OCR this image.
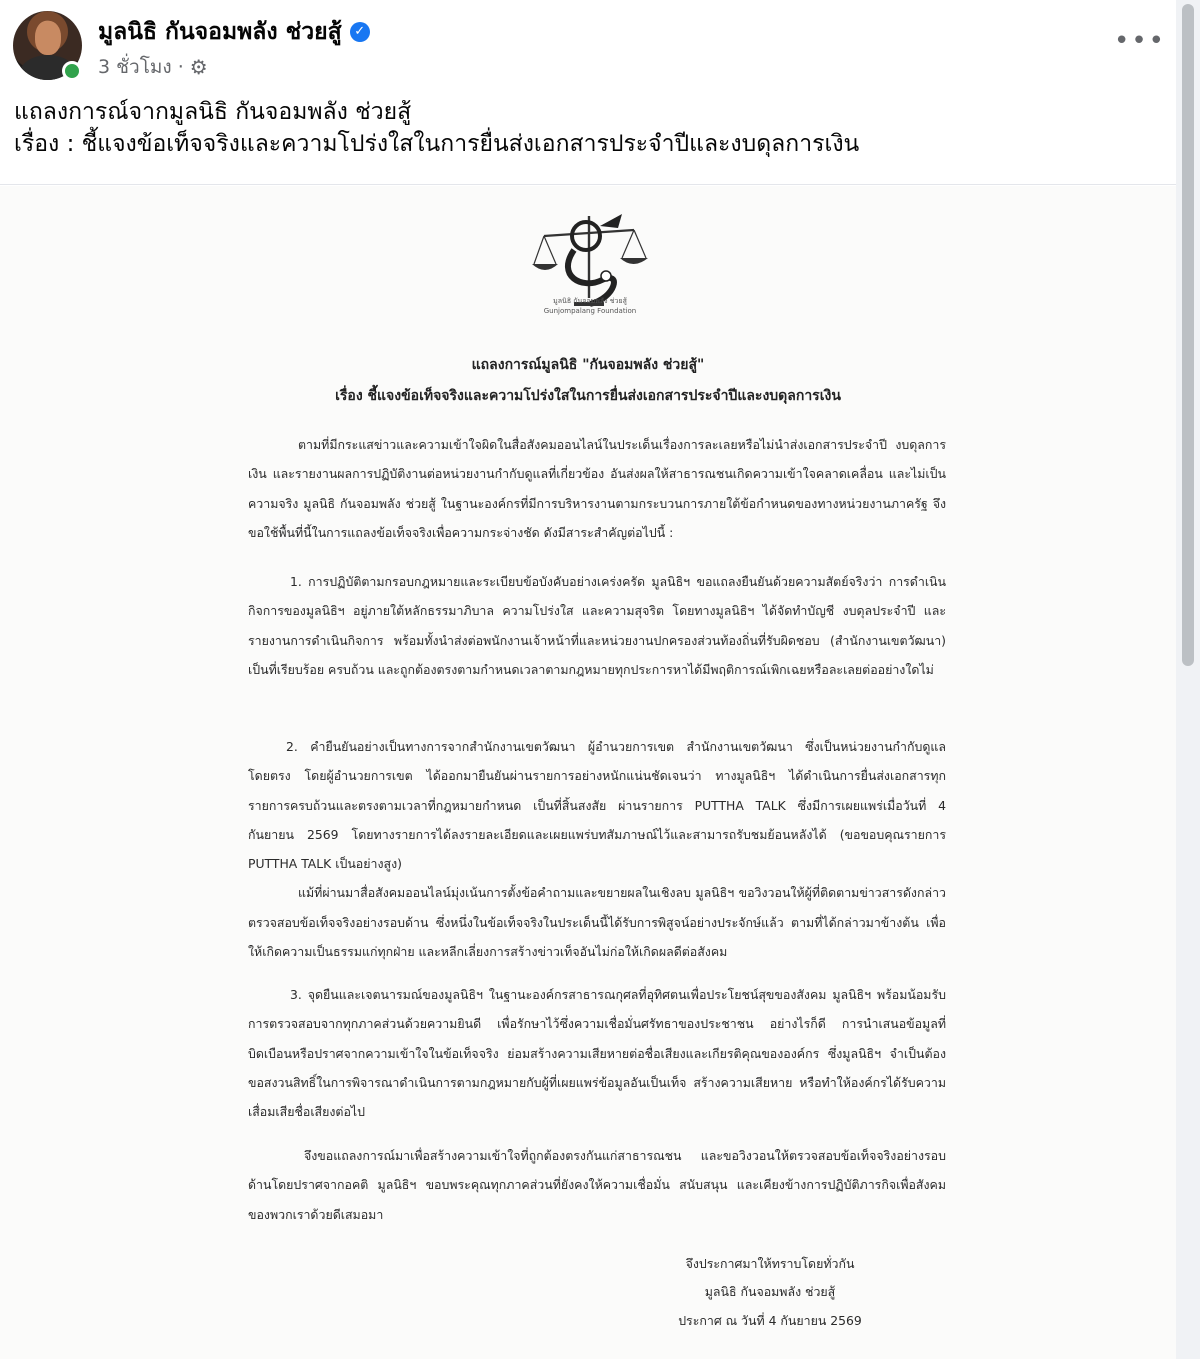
มูลนิธิ กันจอมพลัง ช่วยสู้ ✓
3 ชั่วโมง · ⚙
•••
แถลงการณ์จากมูลนิธิ กันจอมพลัง ช่วยสู้
เรื่อง : ชี้แจงข้อเท็จจริงและความโปร่งใสในการยื่นส่งเอกสารประจำปีและงบดุลการเงิน
มูลนิธิ กันจอมพลัง ช่วยสู้
Gunjompalang Foundation
แถลงการณ์มูลนิธิ "กันจอมพลัง ช่วยสู้"
เรื่อง ชี้แจงข้อเท็จจริงและความโปร่งใสในการยื่นส่งเอกสารประจำปีและงบดุลการเงิน

ตามที่มีกระแสข่าวและความเข้าใจผิดในสื่อสังคมออนไลน์ในประเด็นเรื่องการละเลยหรือไม่นำส่งเอกสารประจำปี งบดุลการเงิน และรายงานผลการปฏิบัติงานต่อหน่วยงานกำกับดูแลที่เกี่ยวข้อง อันส่งผลให้สาธารณชนเกิดความเข้าใจคลาดเคลื่อน และไม่เป็นความจริง มูลนิธิ กันจอมพลัง ช่วยสู้ ในฐานะองค์กรที่มีการบริหารงานตามกระบวนการภายใต้ข้อกำหนดของทางหน่วยงานภาครัฐ จึงขอใช้พื้นที่นี้ในการแถลงข้อเท็จจริงเพื่อความกระจ่างชัด ดังมีสาระสำคัญต่อไปนี้ :

1. การปฏิบัติตามกรอบกฎหมายและระเบียบข้อบังคับอย่างเคร่งครัด มูลนิธิฯ ขอแถลงยืนยันด้วยความสัตย์จริงว่า การดำเนินกิจการของมูลนิธิฯ อยู่ภายใต้หลักธรรมาภิบาล ความโปร่งใส และความสุจริต โดยทางมูลนิธิฯ ได้จัดทำบัญชี งบดุลประจำปี และรายงานการดำเนินกิจการ พร้อมทั้งนำส่งต่อพนักงานเจ้าหน้าที่และหน่วยงานปกครองส่วนท้องถิ่นที่รับผิดชอบ (สำนักงานเขตวัฒนา) เป็นที่เรียบร้อย ครบถ้วน และถูกต้องตรงตามกำหนดเวลาตามกฎหมายทุกประการหาได้มีพฤติการณ์เพิกเฉยหรือละเลยต่ออย่างใดไม่

2. คำยืนยันอย่างเป็นทางการจากสำนักงานเขตวัฒนา ผู้อำนวยการเขต สำนักงานเขตวัฒนา ซึ่งเป็นหน่วยงานกำกับดูแลโดยตรง โดยผู้อำนวยการเขต ได้ออกมายืนยันผ่านรายการอย่างหนักแน่นชัดเจนว่า ทางมูลนิธิฯ ได้ดำเนินการยื่นส่งเอกสารทุกรายการครบถ้วนและตรงตามเวลาที่กฎหมายกำหนด เป็นที่สิ้นสงสัย ผ่านรายการ PUTTHA TALK ซึ่งมีการเผยแพร่เมื่อวันที่ 4 กันยายน 2569 โดยทางรายการได้ลงรายละเอียดและเผยแพร่บทสัมภาษณ์ไว้และสามารถรับชมย้อนหลังได้ (ขอขอบคุณรายการ PUTTHA TALK เป็นอย่างสูง)

แม้ที่ผ่านมาสื่อสังคมออนไลน์มุ่งเน้นการตั้งข้อคำถามและขยายผลในเชิงลบ มูลนิธิฯ ขอวิงวอนให้ผู้ที่ติดตามข่าวสารดังกล่าวตรวจสอบข้อเท็จจริงอย่างรอบด้าน ซึ่งหนึ่งในข้อเท็จจริงในประเด็นนี้ได้รับการพิสูจน์อย่างประจักษ์แล้ว ตามที่ได้กล่าวมาข้างต้น เพื่อให้เกิดความเป็นธรรมแก่ทุกฝ่าย และหลีกเลี่ยงการสร้างข่าวเท็จอันไม่ก่อให้เกิดผลดีต่อสังคม

3. จุดยืนและเจตนารมณ์ของมูลนิธิฯ ในฐานะองค์กรสาธารณกุศลที่อุทิศตนเพื่อประโยชน์สุขของสังคม มูลนิธิฯ พร้อมน้อมรับการตรวจสอบจากทุกภาคส่วนด้วยความยินดี เพื่อรักษาไว้ซึ่งความเชื่อมั่นศรัทธาของประชาชน อย่างไรก็ดี การนำเสนอข้อมูลที่บิดเบือนหรือปราศจากความเข้าใจในข้อเท็จจริง ย่อมสร้างความเสียหายต่อชื่อเสียงและเกียรติคุณขององค์กร ซึ่งมูลนิธิฯ จำเป็นต้องขอสงวนสิทธิ์ในการพิจารณาดำเนินการตามกฎหมายกับผู้ที่เผยแพร่ข้อมูลอันเป็นเท็จ สร้างความเสียหาย หรือทำให้องค์กรได้รับความเสื่อมเสียชื่อเสียงต่อไป

จึงขอแถลงการณ์มาเพื่อสร้างความเข้าใจที่ถูกต้องตรงกันแก่สาธารณชน และขอวิงวอนให้ตรวจสอบข้อเท็จจริงอย่างรอบด้านโดยปราศจากอคติ มูลนิธิฯ ขอบพระคุณทุกภาคส่วนที่ยังคงให้ความเชื่อมั่น สนับสนุน และเคียงข้างการปฏิบัติภารกิจเพื่อสังคมของพวกเราด้วยดีเสมอมา

จึงประกาศมาให้ทราบโดยทั่วกัน
มูลนิธิ กันจอมพลัง ช่วยสู้
ประกาศ ณ วันที่ 4 กันยายน 2569
